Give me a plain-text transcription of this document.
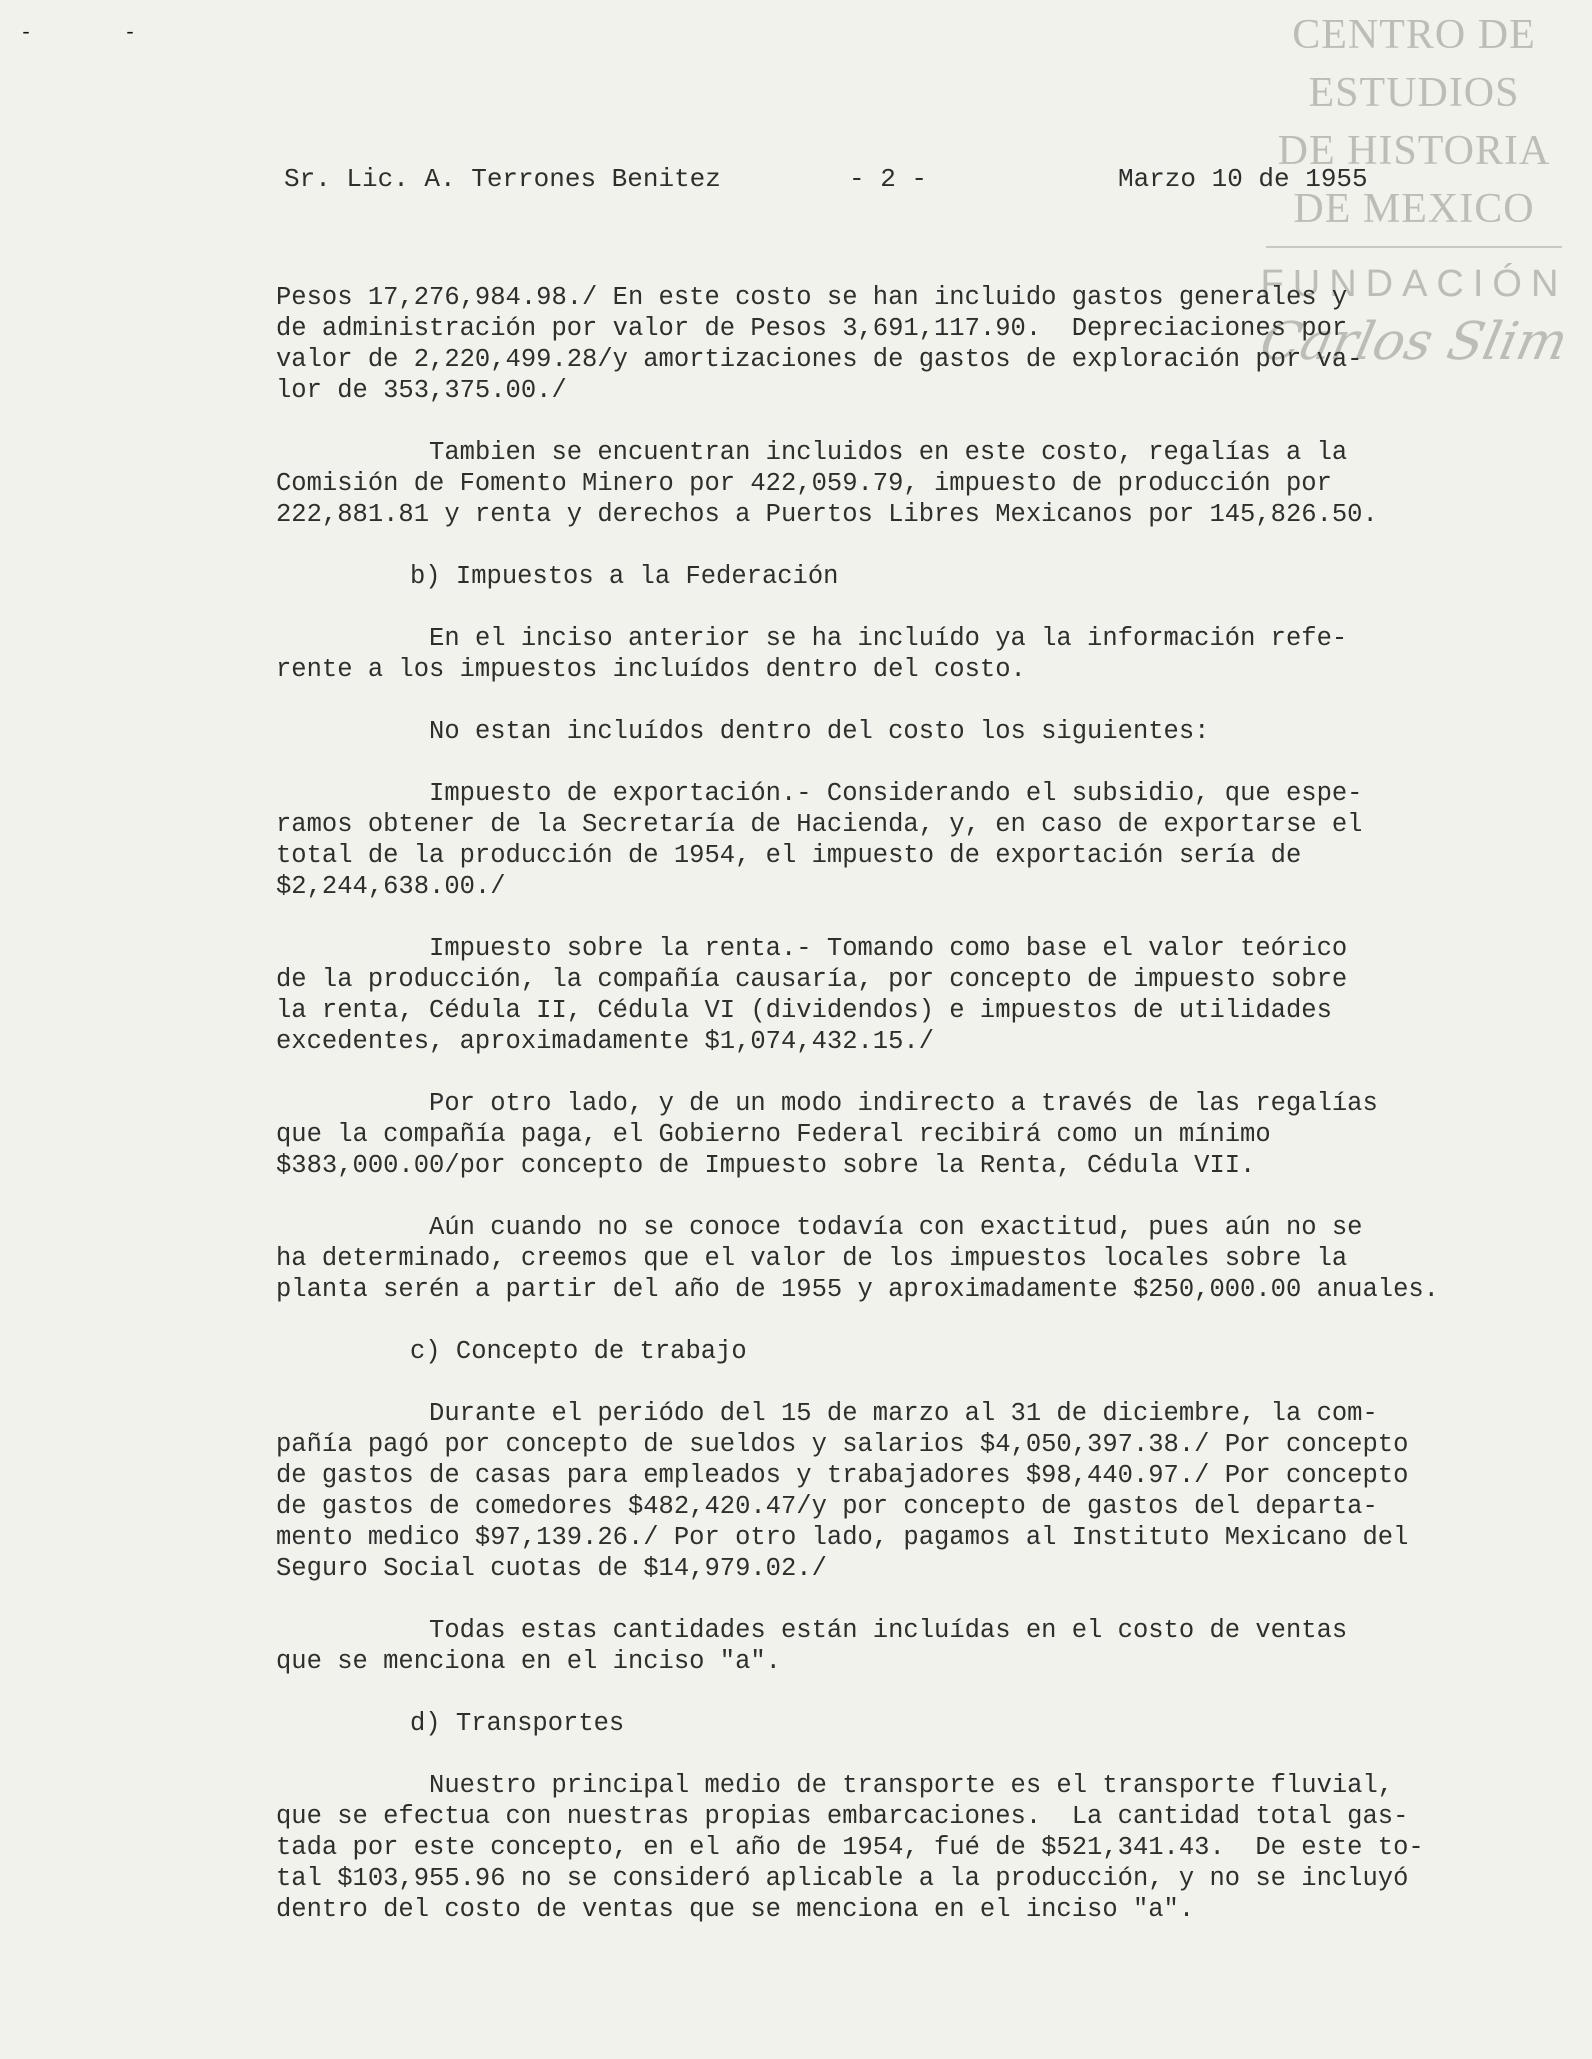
- -	CENTRO DE
ESTUDIOS
DE HISTORIA
DE MEXICO
FUNDACIÓN
Carlos Slim
Sr. Lic. A. Terrones Benitez	- 2 -	Marzo 10 de 1955

Pesos 17,276,984.98./ En este costo se han incluido gastos generales y
de administración por valor de Pesos 3,691,117.90.  Depreciaciones por
valor de 2,220,499.28/y amortizaciones de gastos de exploración por va-
lor de 353,375.00./

Tambien se encuentran incluidos en este costo, regalías a la
Comisión de Fomento Minero por 422,059.79, impuesto de producción por
222,881.81 y renta y derechos a Puertos Libres Mexicanos por 145,826.50.

b) Impuestos a la Federación

En el inciso anterior se ha incluído ya la información refe-
rente a los impuestos incluídos dentro del costo.

No estan incluídos dentro del costo los siguientes:

Impuesto de exportación.- Considerando el subsidio, que espe-
ramos obtener de la Secretaría de Hacienda, y, en caso de exportarse el
total de la producción de 1954, el impuesto de exportación sería de
$2,244,638.00./

Impuesto sobre la renta.- Tomando como base el valor teórico
de la producción, la compañía causaría, por concepto de impuesto sobre
la renta, Cédula II, Cédula VI (dividendos) e impuestos de utilidades
excedentes, aproximadamente $1,074,432.15./

Por otro lado, y de un modo indirecto a través de las regalías
que la compañía paga, el Gobierno Federal recibirá como un mínimo
$383,000.00/por concepto de Impuesto sobre la Renta, Cédula VII.

Aún cuando no se conoce todavía con exactitud, pues aún no se
ha determinado, creemos que el valor de los impuestos locales sobre la
planta serén a partir del año de 1955 y aproximadamente $250,000.00 anuales.

c) Concepto de trabajo

Durante el periódo del 15 de marzo al 31 de diciembre, la com-
pañía pagó por concepto de sueldos y salarios $4,050,397.38./ Por concepto
de gastos de casas para empleados y trabajadores $98,440.97./ Por concepto
de gastos de comedores $482,420.47/y por concepto de gastos del departa-
mento medico $97,139.26./ Por otro lado, pagamos al Instituto Mexicano del
Seguro Social cuotas de $14,979.02./

Todas estas cantidades están incluídas en el costo de ventas
que se menciona en el inciso "a".

d) Transportes

Nuestro principal medio de transporte es el transporte fluvial,
que se efectua con nuestras propias embarcaciones.  La cantidad total gas-
tada por este concepto, en el año de 1954, fué de $521,341.43.  De este to-
tal $103,955.96 no se consideró aplicable a la producción, y no se incluyó
dentro del costo de ventas que se menciona en el inciso "a".
